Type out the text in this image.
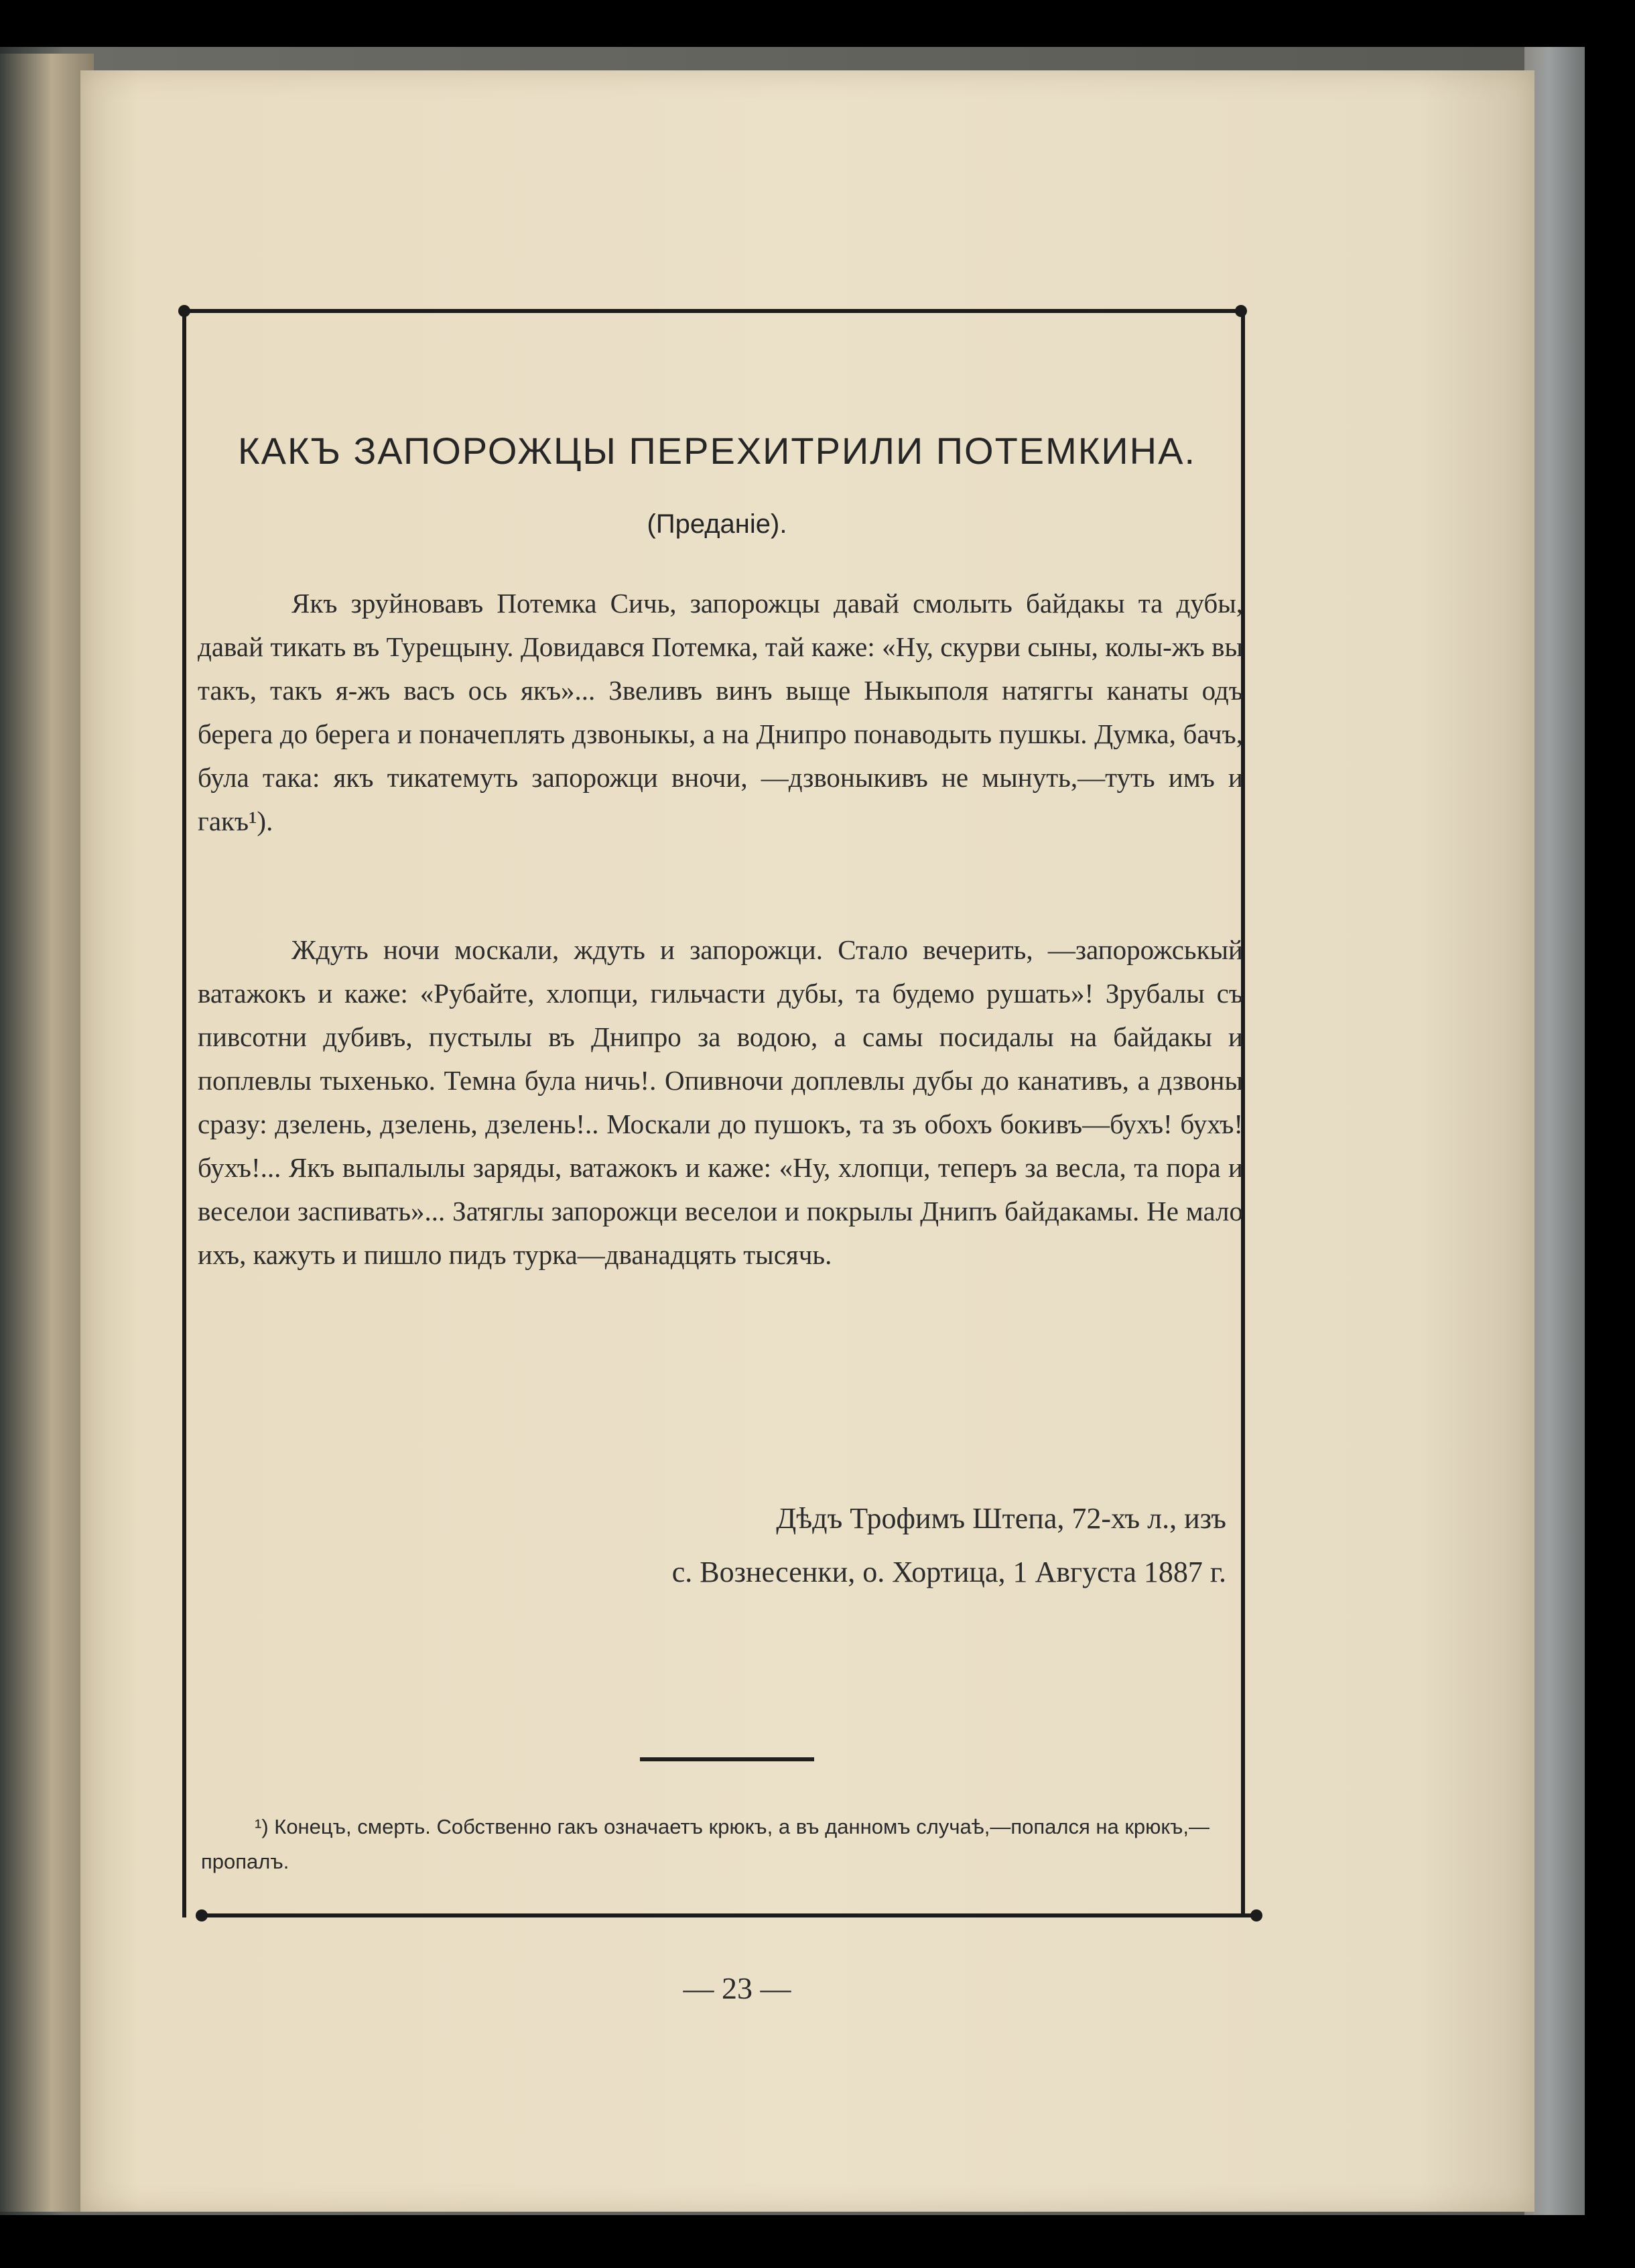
КАКЪ ЗАПОРОЖЦЫ ПЕРЕХИТРИЛИ ПОТЕМКИНА.
(Преданіе).

Якъ зруйновавъ Потемка Сичь, запорожцы давай смолыть байдакы та дубы, давай тикать въ Турещыну. Довидався Потемка, тай каже: «Ну, скурви сыны, колы-жъ вы такъ, такъ я-жъ васъ ось якъ»... Звеливъ винъ выще Ныкыполя натяггы канаты одъ берега до берега и поначеплять дзвоныкы, а на Днипро понаводыть пушкы. Думка, бачъ, була така: якъ тикатемуть запорожци вночи, —дзвоныкивъ не мынуть,—туть имъ и гакъ¹).

Ждуть ночи москали, ждуть и запорожци. Стало вечерить, —запорожськый ватажокъ и каже: «Рубайте, хлопци, гильчасти дубы, та будемо рушать»! Зрубалы съ пивсотни дубивъ, пустылы въ Днипро за водою, а самы посидалы на байдакы и поплевлы тыхенько. Темна була ничь!. Опивночи доплевлы дубы до канативъ, а дзвоны сразу: дзелень, дзелень, дзелень!.. Москали до пушокъ, та зъ обохъ бокивъ—бухъ! бухъ! бухъ!... Якъ выпалылы заряды, ватажокъ и каже: «Ну, хлопци, теперъ за весла, та пора и веселои заспивать»... Затяглы запорожци веселои и покрылы Днипъ байдакамы. Не мало ихъ, кажуть и пишло пидъ турка—дванадцять тысячь.

Дѣдъ Трофимъ Штепа, 72-хъ л., изъ
с. Вознесенки, о. Хортица, 1 Августа 1887 г.
¹) Конецъ, смерть. Собственно гакъ означаетъ крюкъ, а въ данномъ случаѣ,—попался на крюкъ,—пропалъ.
— 23 —
